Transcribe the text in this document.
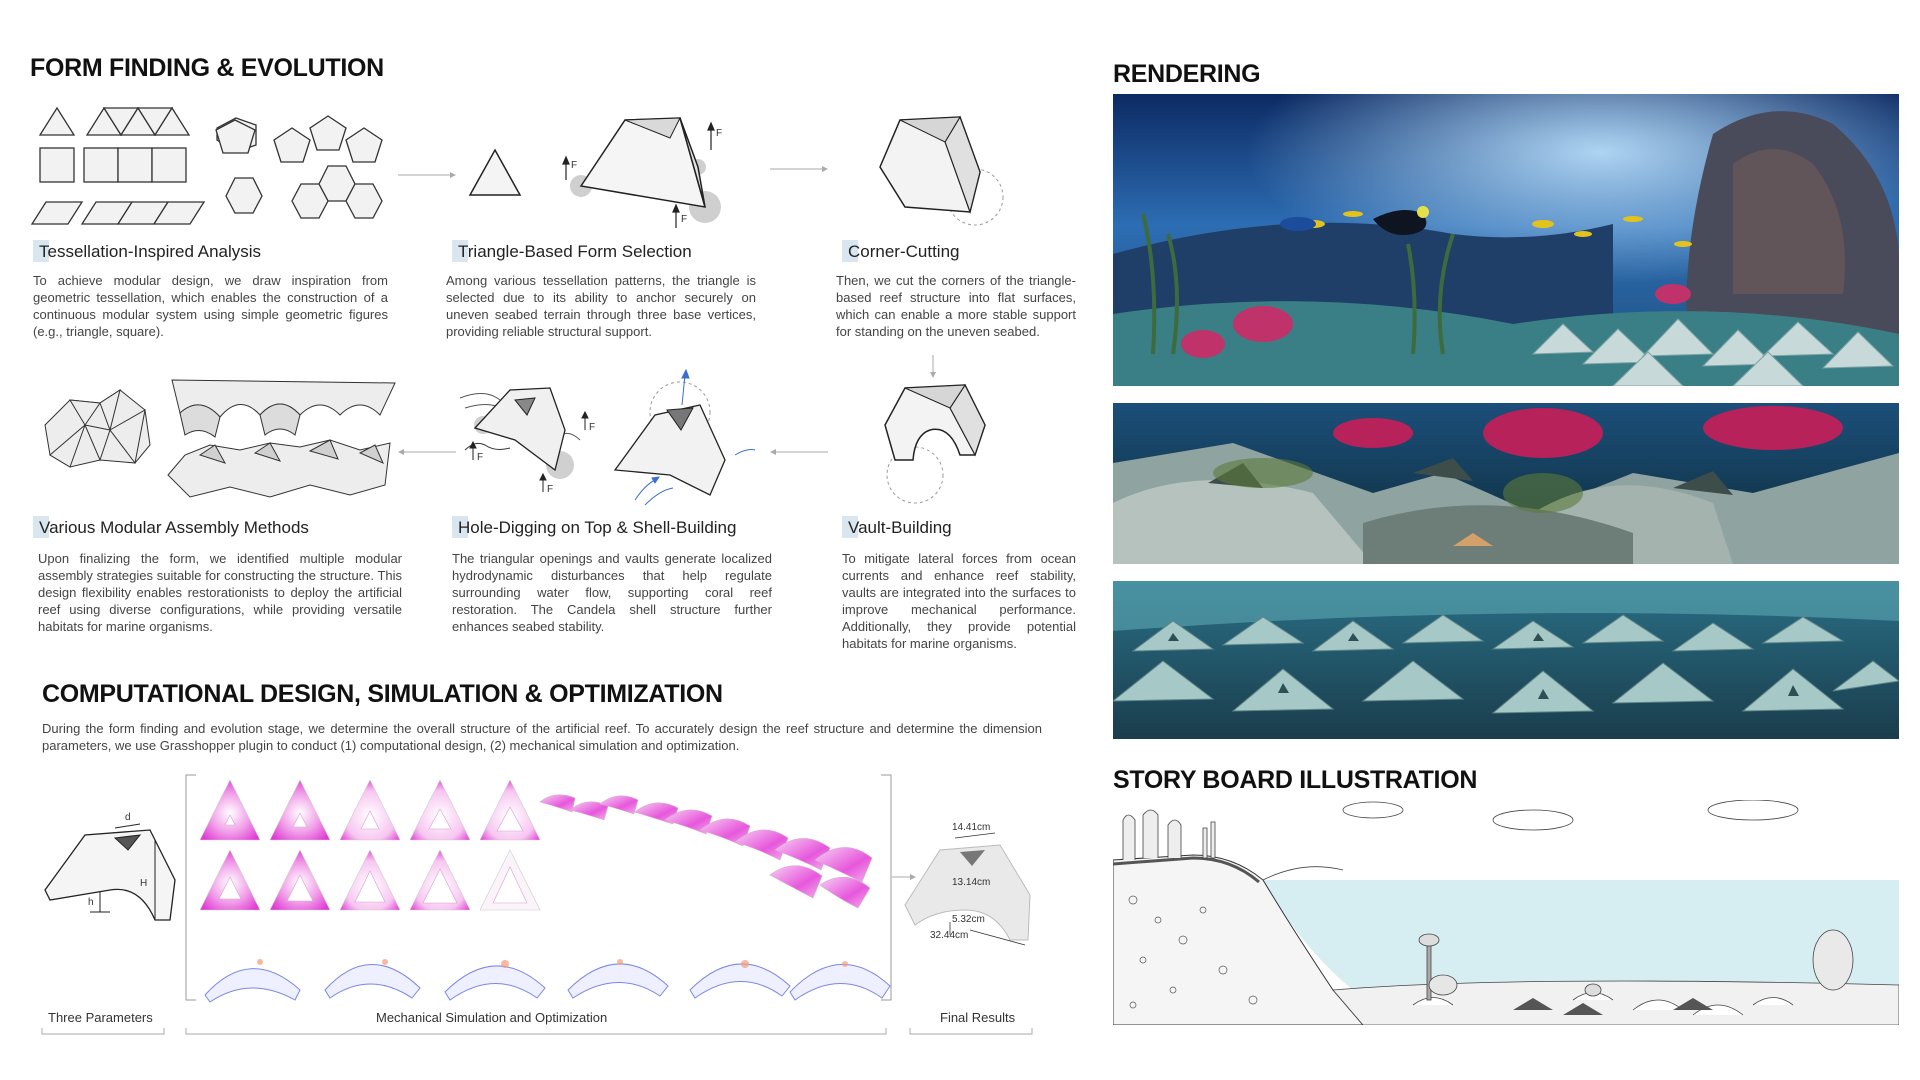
FORM FINDING & EVOLUTION
F
F
F
Tessellation-Inspired Analysis
To achieve modular design, we draw inspiration from geometric tessellation, which enables the construction of a continuous modular system using simple geometric figures (e.g., triangle, square).
Triangle-Based Form Selection
Among various tessellation patterns, the triangle is selected due to its ability to anchor securely on uneven seabed terrain through three base vertices, providing reliable structural support.
Corner-Cutting
Then, we cut the corners of the triangle-based reef structure into flat surfaces, which can enable a more stable support for standing on the uneven seabed.
F
F
F
Various Modular Assembly Methods
Upon finalizing the form, we identified multiple modular assembly strategies suitable for constructing the structure. This design flexibility enables restorationists to deploy the artificial reef using diverse configurations, while providing versatile habitats for marine organisms.
Hole-Digging on Top & Shell-Building
The triangular openings and vaults generate localized hydrodynamic disturbances that help regulate surrounding water flow, supporting coral reef restoration. The Candela shell structure further enhances seabed stability.
Vault-Building
To mitigate lateral forces from ocean currents and enhance reef stability, vaults are integrated into the surfaces to improve mechanical performance. Additionally, they provide potential habitats for marine organisms.
COMPUTATIONAL DESIGN, SIMULATION & OPTIMIZATION
During the form finding and evolution stage, we determine the overall structure of the artificial reef. To accurately design the reef structure and determine the dimension parameters, we use Grasshopper plugin to conduct (1) computational design, (2) mechanical simulation and optimization.
d
H
h
14.41cm
13.14cm
5.32cm
32.44cm
Three Parameters	Mechanical Simulation and Optimization	Final Results
RENDERING
STORY BOARD ILLUSTRATION
